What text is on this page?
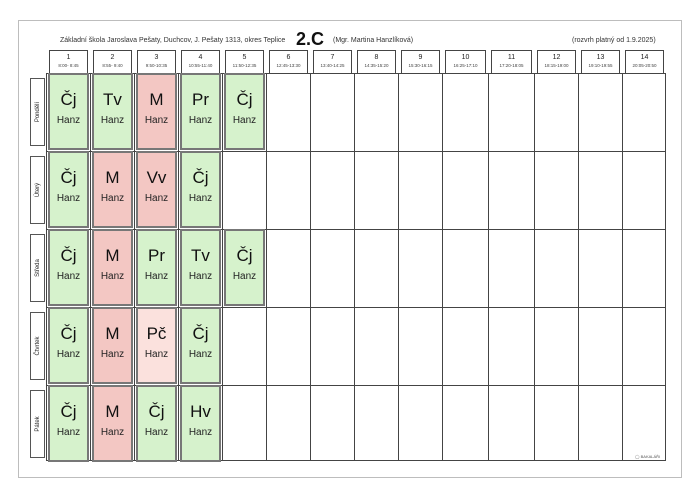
Základní škola Jaroslava Pešaty, Duchcov, J. Pešaty 1313, okres Teplice 2.C (Mgr. Martina Hanzlíková)	(rozvrh platný od 1.9.2025)
1
8:00- 8:45
2
8:55- 9:40
3
9:50-10:35
4
10:55-11:40
5
11:50-12:35
6
12:45-13:30
7
13:40-14:25
8
14:35-15:20
9
15:30-16:15
10
16:25-17:10
11
17:20-18:05
12
18:15-19:00
13
19:10-19:55
14
20:05-20:50
Pondělí
Úterý
Středa
Čtvrtek
Pátek
Čj
Hanz
Tv
Hanz
M
Hanz
Pr
Hanz
Čj
Hanz
Čj
Hanz
M
Hanz
Vv
Hanz
Čj
Hanz
Čj
Hanz
M
Hanz
Pr
Hanz
Tv
Hanz
Čj
Hanz
Čj
Hanz
M
Hanz
Pč
Hanz
Čj
Hanz
Čj
Hanz
M
Hanz
Čj
Hanz
Hv
Hanz
◯ BAKALÁŘI
